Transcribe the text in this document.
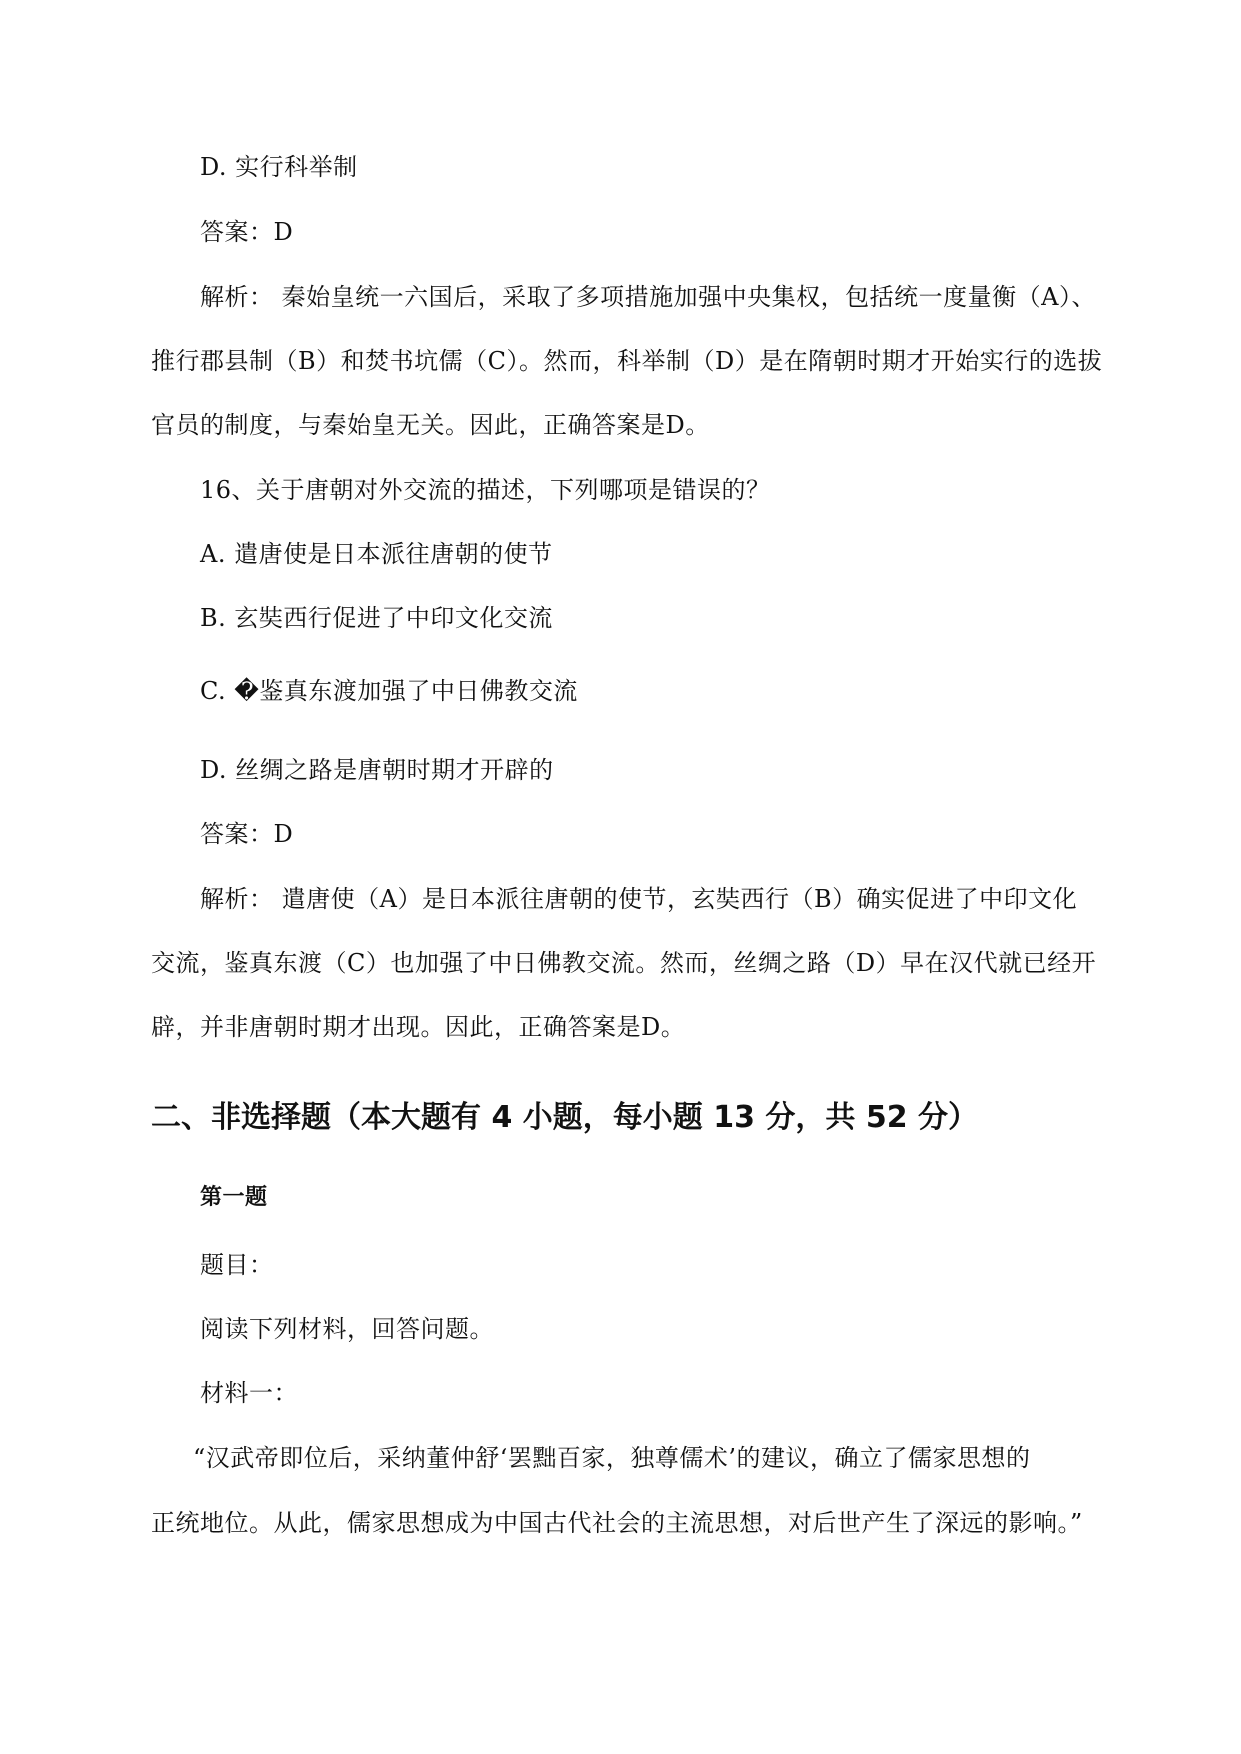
D. 实行科举制
答案：D
解析： 秦始皇统一六国后，采取了多项措施加强中央集权，包括统一度量衡（A）、
推行郡县制（B）和焚书坑儒（C）。然而，科举制（D）是在隋朝时期才开始实行的选拔
官员的制度，与秦始皇无关。因此，正确答案是D。
16、关于唐朝对外交流的描述，下列哪项是错误的？
A. 遣唐使是日本派往唐朝的使节
B. 玄奘西行促进了中印文化交流
C. �鉴真东渡加强了中日佛教交流
D. 丝绸之路是唐朝时期才开辟的
答案：D
解析： 遣唐使（A）是日本派往唐朝的使节，玄奘西行（B）确实促进了中印文化
交流，鉴真东渡（C）也加强了中日佛教交流。然而，丝绸之路（D）早在汉代就已经开
辟，并非唐朝时期才出现。因此，正确答案是D。
二、非选择题（本大题有 4 小题，每小题 13 分，共 52 分）
第一题
题目：
阅读下列材料，回答问题。
材料一：
“汉武帝即位后，采纳董仲舒‘罢黜百家，独尊儒术’的建议，确立了儒家思想的
正统地位。从此，儒家思想成为中国古代社会的主流思想，对后世产生了深远的影响。”
